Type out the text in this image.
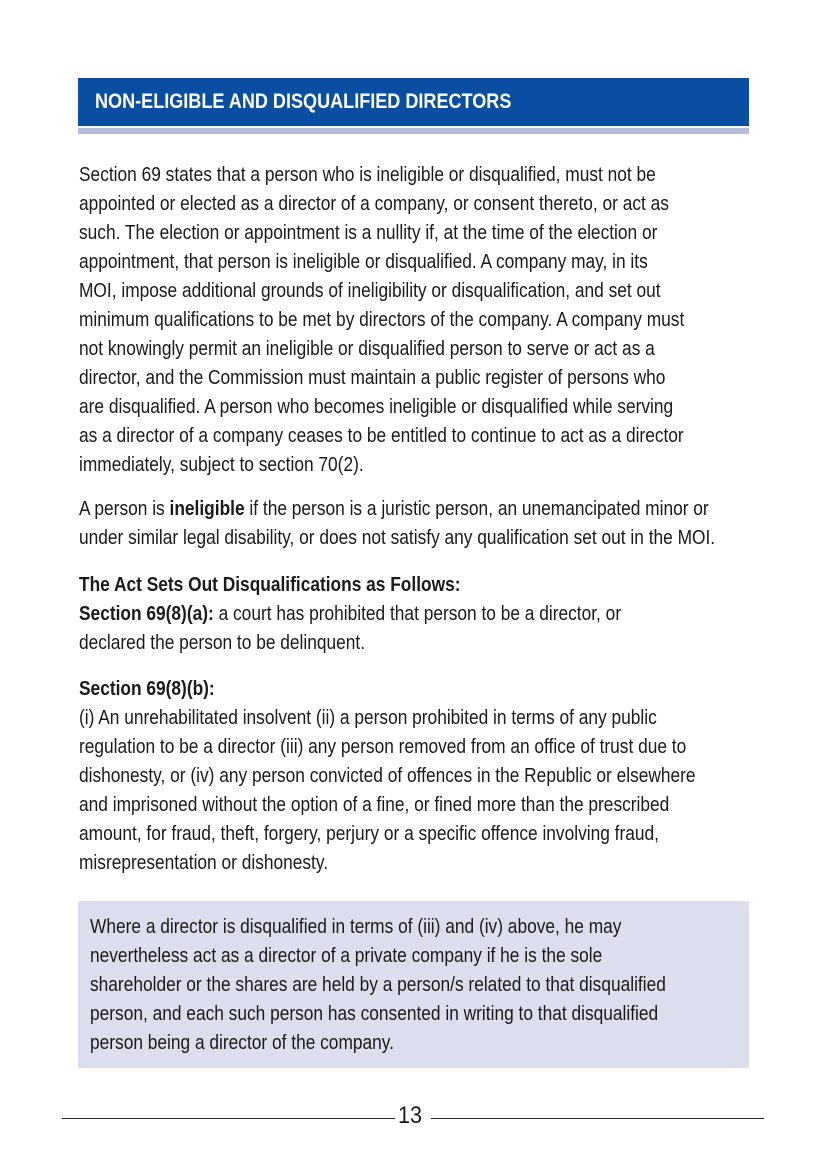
NON-ELIGIBLE AND DISQUALIFIED DIRECTORS
Section 69 states that a person who is ineligible or disqualified, must not be
appointed or elected as a director of a company, or consent thereto, or act as
such. The election or appointment is a nullity if, at the time of the election or
appointment, that person is ineligible or disqualified. A company may, in its
MOI, impose additional grounds of ineligibility or disqualification, and set out
minimum qualifications to be met by directors of the company. A company must
not knowingly permit an ineligible or disqualified person to serve or act as a
director, and the Commission must maintain a public register of persons who
are disqualified. A person who becomes ineligible or disqualified while serving
as a director of a company ceases to be entitled to continue to act as a director
immediately, subject to section 70(2).
A person is ineligible if the person is a juristic person, an unemancipated minor or
under similar legal disability, or does not satisfy any qualification set out in the MOI.
The Act Sets Out Disqualifications as Follows:
Section 69(8)(a): a court has prohibited that person to be a director, or
declared the person to be delinquent.
Section 69(8)(b):
(i) An unrehabilitated insolvent (ii) a person prohibited in terms of any public
regulation to be a director (iii) any person removed from an office of trust due to
dishonesty, or (iv) any person convicted of offences in the Republic or elsewhere
and imprisoned without the option of a fine, or fined more than the prescribed
amount, for fraud, theft, forgery, perjury or a specific offence involving fraud,
misrepresentation or dishonesty.
Where a director is disqualified in terms of (iii) and (iv) above, he may
nevertheless act as a director of a private company if he is the sole
shareholder or the shares are held by a person/s related to that disqualified
person, and each such person has consented in writing to that disqualified
person being a director of the company.
13
